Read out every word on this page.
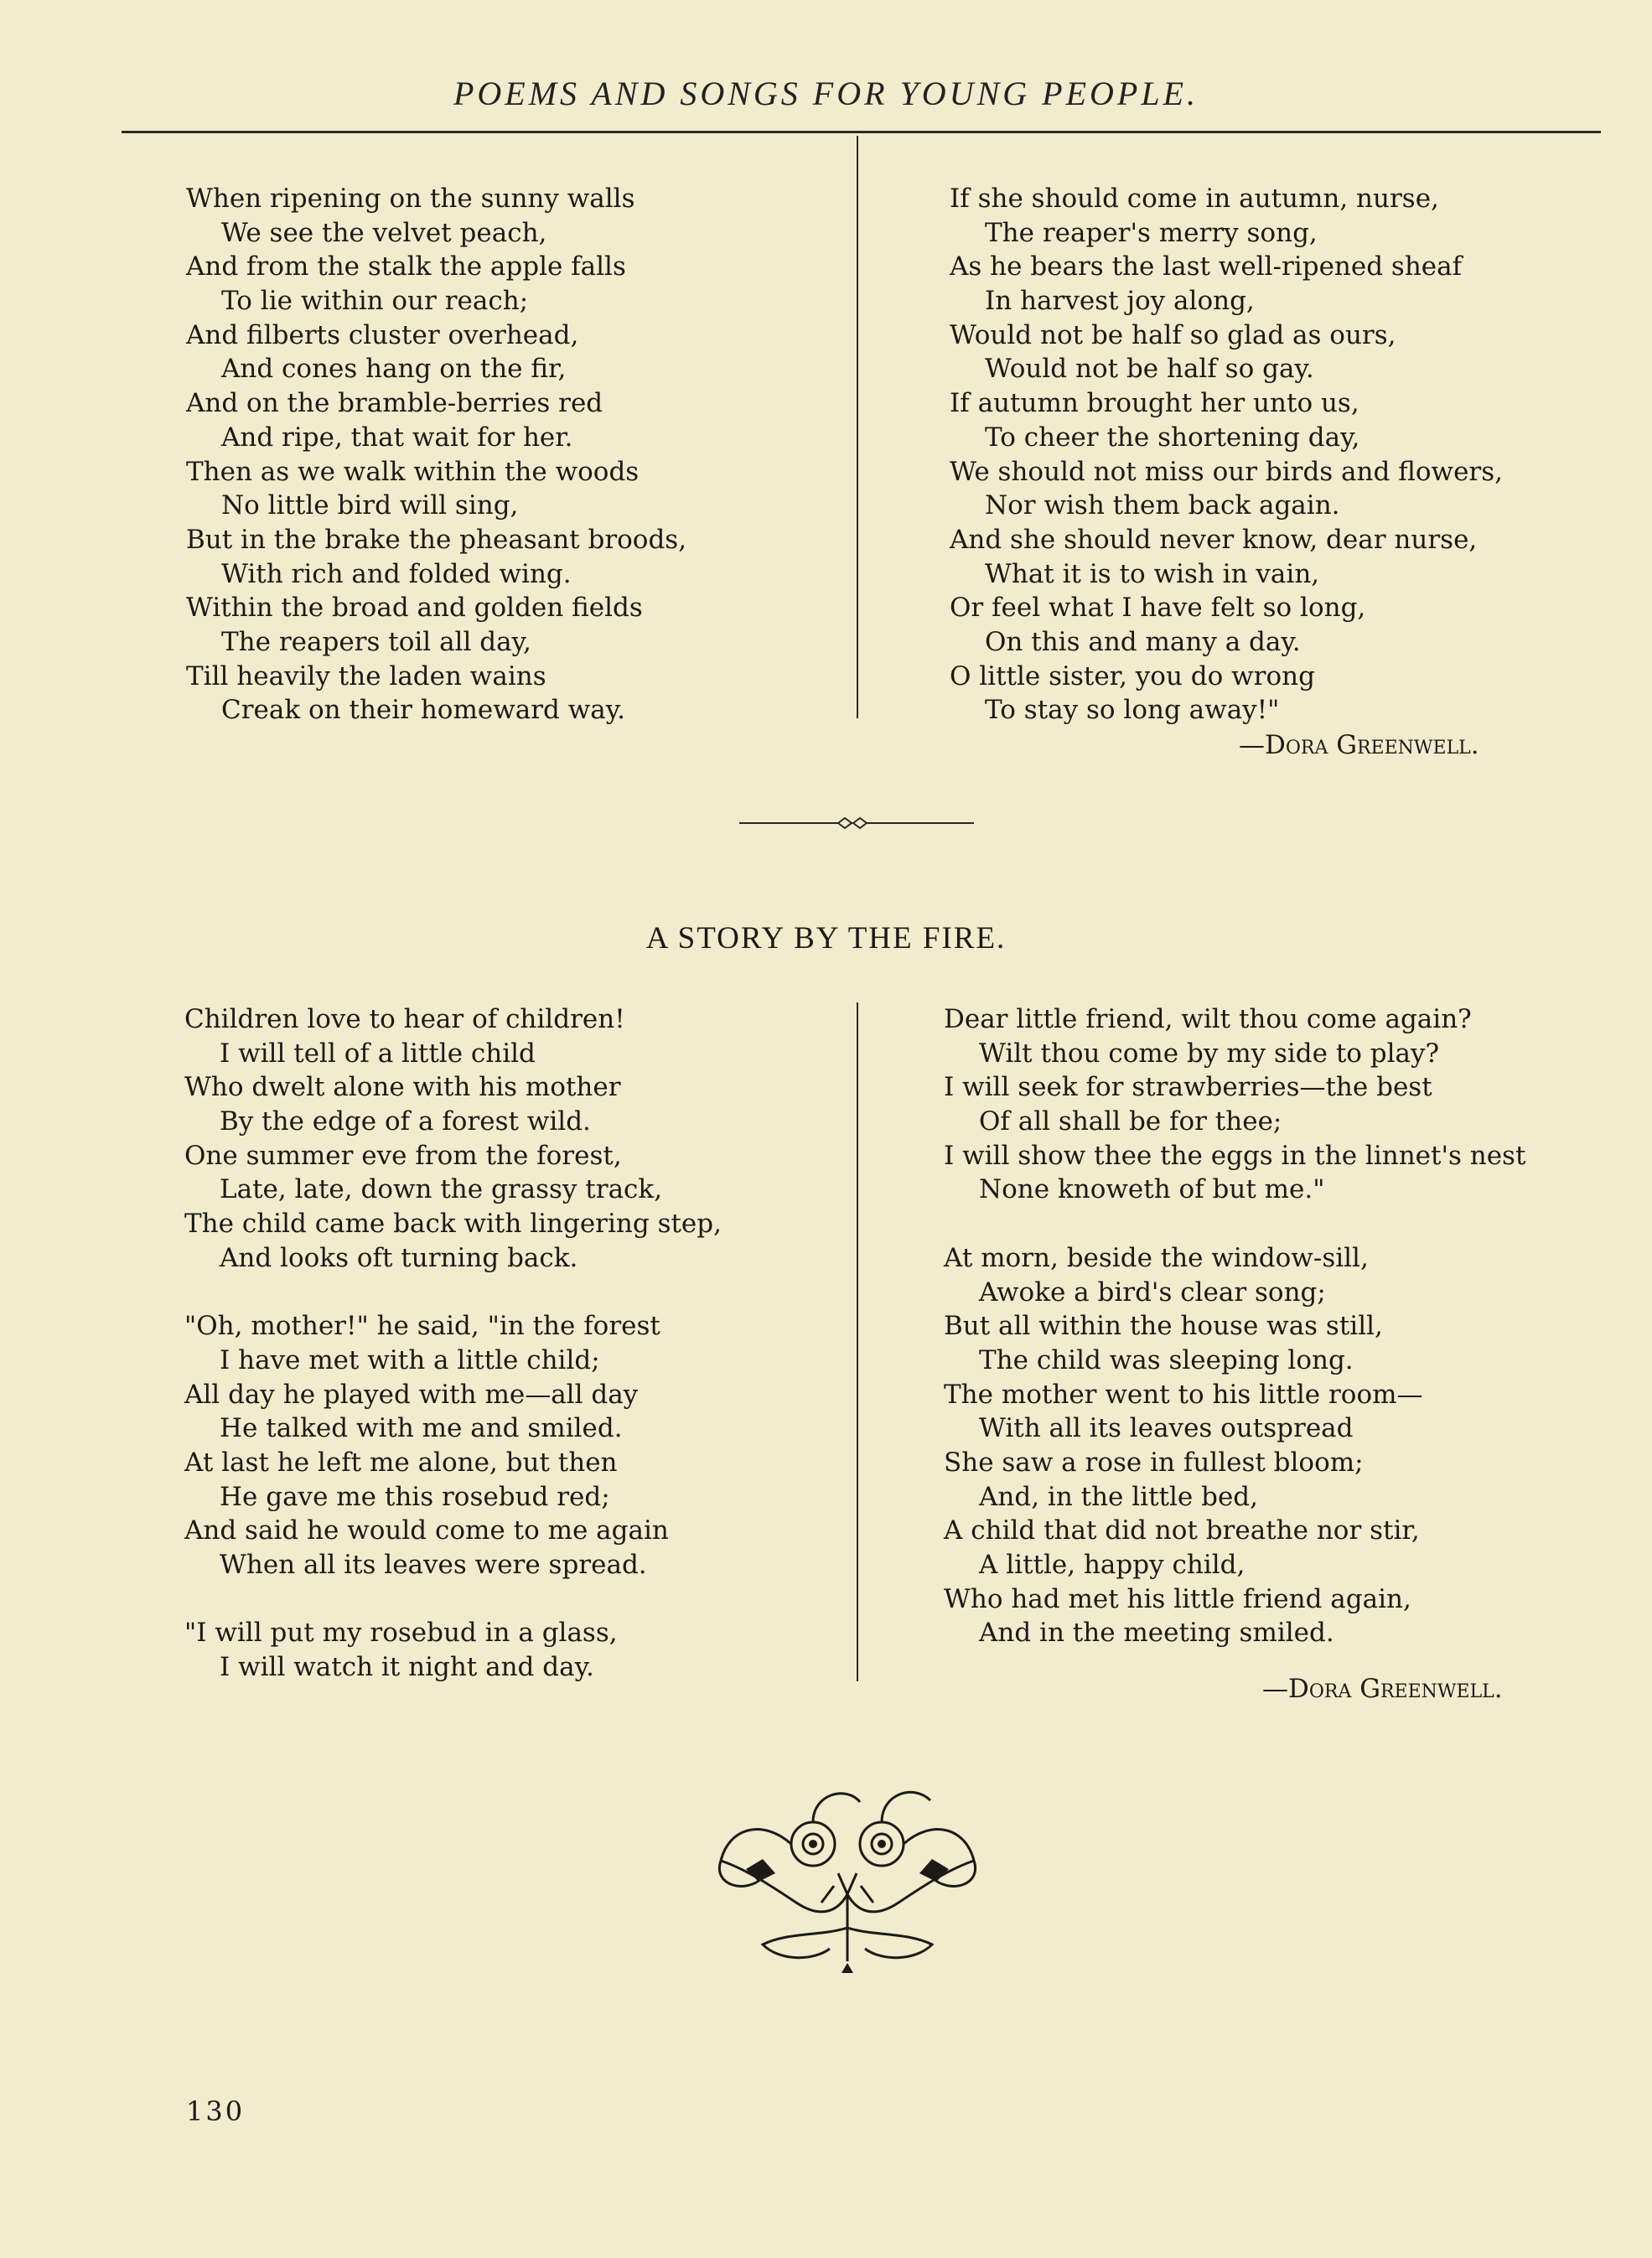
POEMS AND SONGS FOR YOUNG PEOPLE.
When ripening on the sunny walls
We see the velvet peach,
And from the stalk the apple falls
To lie within our reach;
And filberts cluster overhead,
And cones hang on the fir,
And on the bramble-berries red
And ripe, that wait for her.
Then as we walk within the woods
No little bird will sing,
But in the brake the pheasant broods,
With rich and folded wing.
Within the broad and golden fields
The reapers toil all day,
Till heavily the laden wains
Creak on their homeward way.
If she should come in autumn, nurse,
The reaper's merry song,
As he bears the last well-ripened sheaf
In harvest joy along,
Would not be half so glad as ours,
Would not be half so gay.
If autumn brought her unto us,
To cheer the shortening day,
We should not miss our birds and flowers,
Nor wish them back again.
And she should never know, dear nurse,
What it is to wish in vain,
Or feel what I have felt so long,
On this and many a day.
O little sister, you do wrong
To stay so long away!"
—Dora Greenwell.
A STORY BY THE FIRE.
Children love to hear of children!
I will tell of a little child
Who dwelt alone with his mother
By the edge of a forest wild.
One summer eve from the forest,
Late, late, down the grassy track,
The child came back with lingering step,
And looks oft turning back.
"Oh, mother!" he said, "in the forest
I have met with a little child;
All day he played with me—all day
He talked with me and smiled.
At last he left me alone, but then
He gave me this rosebud red;
And said he would come to me again
When all its leaves were spread.
"I will put my rosebud in a glass,
I will watch it night and day.
Dear little friend, wilt thou come again?
Wilt thou come by my side to play?
I will seek for strawberries—the best
Of all shall be for thee;
I will show thee the eggs in the linnet's nest
None knoweth of but me."
At morn, beside the window-sill,
Awoke a bird's clear song;
But all within the house was still,
The child was sleeping long.
The mother went to his little room—
With all its leaves outspread
She saw a rose in fullest bloom;
And, in the little bed,
A child that did not breathe nor stir,
A little, happy child,
Who had met his little friend again,
And in the meeting smiled.
—Dora Greenwell.
130
